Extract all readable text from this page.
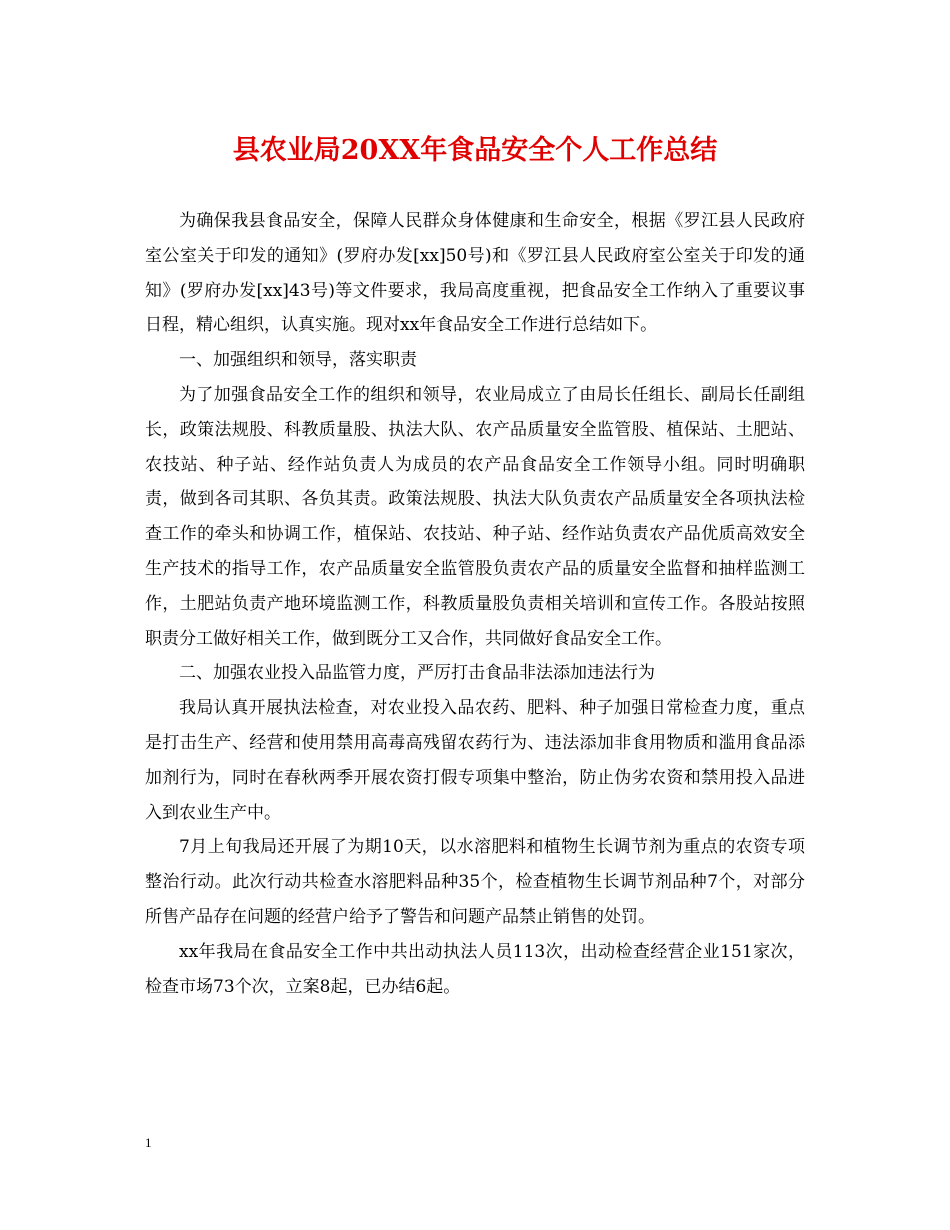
县农业局20XX年食品安全个人工作总结

为确保我县食品安全，保障人民群众身体健康和生命安全，根据《罗江县人民政府室公室关于印发的通知》(罗府办发[xx]50号)和《罗江县人民政府室公室关于印发的通知》(罗府办发[xx]43号)等文件要求，我局高度重视，把食品安全工作纳入了重要议事日程，精心组织，认真实施。现对xx年食品安全工作进行总结如下。

一、加强组织和领导，落实职责

为了加强食品安全工作的组织和领导，农业局成立了由局长任组长、副局长任副组长，政策法规股、科教质量股、执法大队、农产品质量安全监管股、植保站、土肥站、农技站、种子站、经作站负责人为成员的农产品食品安全工作领导小组。同时明确职责，做到各司其职、各负其责。政策法规股、执法大队负责农产品质量安全各项执法检查工作的牵头和协调工作，植保站、农技站、种子站、经作站负责农产品优质高效安全生产技术的指导工作，农产品质量安全监管股负责农产品的质量安全监督和抽样监测工作，土肥站负责产地环境监测工作，科教质量股负责相关培训和宣传工作。各股站按照职责分工做好相关工作，做到既分工又合作，共同做好食品安全工作。

二、加强农业投入品监管力度，严厉打击食品非法添加违法行为

我局认真开展执法检查，对农业投入品农药、肥料、种子加强日常检查力度，重点是打击生产、经营和使用禁用高毒高残留农药行为、违法添加非食用物质和滥用食品添加剂行为，同时在春秋两季开展农资打假专项集中整治，防止伪劣农资和禁用投入品进入到农业生产中。

7月上旬我局还开展了为期10天，以水溶肥料和植物生长调节剂为重点的农资专项整治行动。此次行动共检查水溶肥料品种35个，检查植物生长调节剂品种7个，对部分所售产品存在问题的经营户给予了警告和问题产品禁止销售的处罚。

xx年我局在食品安全工作中共出动执法人员113次，出动检查经营企业151家次，检查市场73个次，立案8起，已办结6起。

1
